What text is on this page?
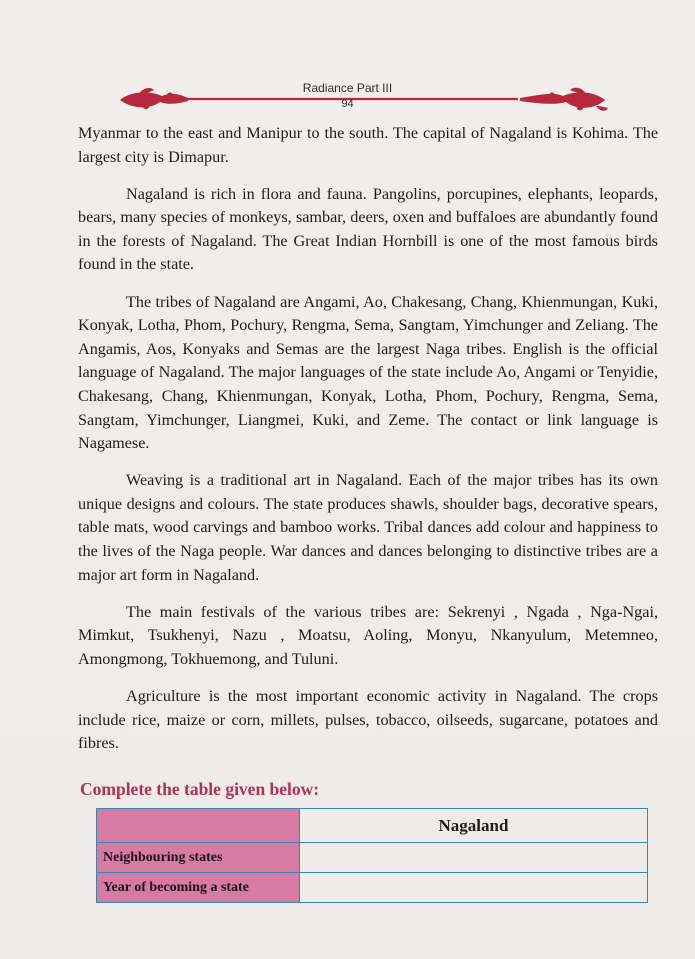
Radiance Part III
94

Myanmar to the east and Manipur to the south. The capital of Nagaland is Kohima. The largest city is Dimapur.

Nagaland is rich in flora and fauna. Pangolins, porcupines, elephants, leopards, bears, many species of monkeys, sambar, deers, oxen and buffaloes are abundantly found in the forests of Nagaland. The Great Indian Hornbill is one of the most famous birds found in the state.

The tribes of Nagaland are Angami, Ao, Chakesang, Chang, Khienmungan, Kuki, Konyak, Lotha, Phom, Pochury, Rengma, Sema, Sangtam, Yimchunger and Zeliang. The Angamis, Aos, Konyaks and Semas are the largest Naga tribes. English is the official language of Nagaland. The major languages of the state include Ao, Angami or Tenyidie, Chakesang, Chang, Khienmungan, Konyak, Lotha, Phom, Pochury, Rengma, Sema, Sangtam, Yimchunger, Liangmei, Kuki, and Zeme. The contact or link language is Nagamese.

Weaving is a traditional art in Nagaland. Each of the major tribes has its own unique designs and colours. The state produces shawls, shoulder bags, decorative spears, table mats, wood carvings and bamboo works. Tribal dances add colour and happiness to the lives of the Naga people. War dances and dances belonging to distinctive tribes are a major art form in Nagaland.

The main festivals of the various tribes are: Sekrenyi , Ngada , Nga-Ngai, Mimkut, Tsukhenyi, Nazu , Moatsu, Aoling, Monyu, Nkanyulum, Metemneo, Amongmong, Tokhuemong, and Tuluni.

Agriculture is the most important economic activity in Nagaland. The crops include rice, maize or corn, millets, pulses, tobacco, oilseeds, sugarcane, potatoes and fibres.

Complete the table given below:
	Nagaland
Neighbouring states	
Year of becoming a state	
